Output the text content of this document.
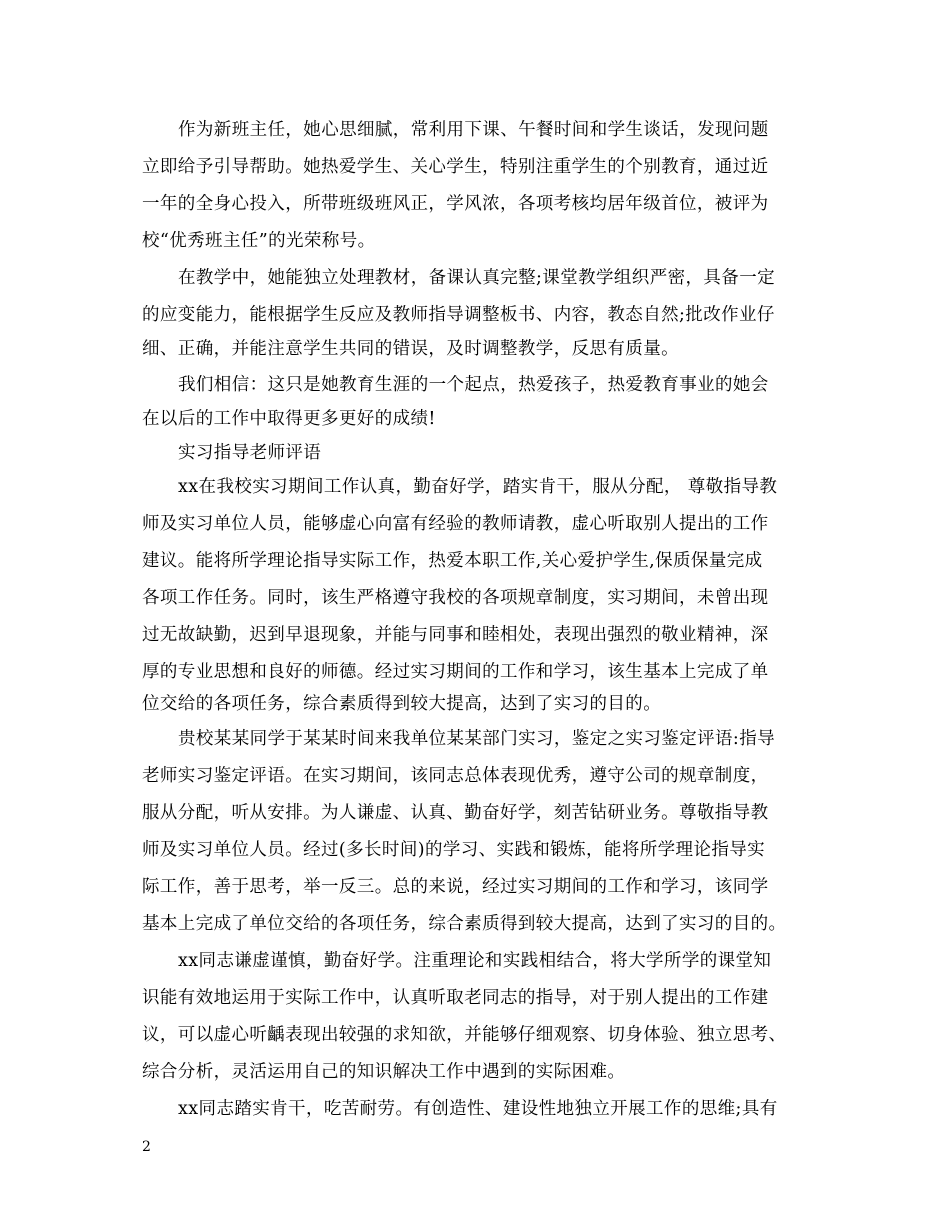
作为新班主任，她心思细腻，常利用下课、午餐时间和学生谈话，发现问题
立即给予引导帮助。她热爱学生、关心学生，特别注重学生的个别教育，通过近
一年的全身心投入，所带班级班风正，学风浓，各项考核均居年级首位，被评为
校“优秀班主任”的光荣称号。
在教学中，她能独立处理教材，备课认真完整;课堂教学组织严密，具备一定
的应变能力，能根据学生反应及教师指导调整板书、内容，教态自然;批改作业仔
细、正确，并能注意学生共同的错误，及时调整教学，反思有质量。
我们相信：这只是她教育生涯的一个起点，热爱孩子，热爱教育事业的她会
在以后的工作中取得更多更好的成绩!
实习指导老师评语
xx在我校实习期间工作认真，勤奋好学，踏实肯干，服从分配， 尊敬指导教
师及实习单位人员，能够虚心向富有经验的教师请教，虚心听取别人提出的工作
建议。能将所学理论指导实际工作，热爱本职工作,关心爱护学生,保质保量完成
各项工作任务。同时，该生严格遵守我校的各项规章制度，实习期间，未曾出现
过无故缺勤，迟到早退现象，并能与同事和睦相处，表现出强烈的敬业精神，深
厚的专业思想和良好的师德。经过实习期间的工作和学习，该生基本上完成了单
位交给的各项任务，综合素质得到较大提高，达到了实习的目的。
贵校某某同学于某某时间来我单位某某部门实习，鉴定之实习鉴定评语:指导
老师实习鉴定评语。在实习期间，该同志总体表现优秀，遵守公司的规章制度，
服从分配，听从安排。为人谦虚、认真、勤奋好学，刻苦钻研业务。尊敬指导教
师及实习单位人员。经过(多长时间)的学习、实践和锻炼，能将所学理论指导实
际工作，善于思考，举一反三。总的来说，经过实习期间的工作和学习，该同学
基本上完成了单位交给的各项任务，综合素质得到较大提高，达到了实习的目的。
xx同志谦虚谨慎，勤奋好学。注重理论和实践相结合，将大学所学的课堂知
识能有效地运用于实际工作中，认真听取老同志的指导，对于别人提出的工作建
议，可以虚心听齲表现出较强的求知欲，并能够仔细观察、切身体验、独立思考、
综合分析，灵活运用自己的知识解决工作中遇到的实际困难。
xx同志踏实肯干，吃苦耐劳。有创造性、建设性地独立开展工作的思维;具有
2
